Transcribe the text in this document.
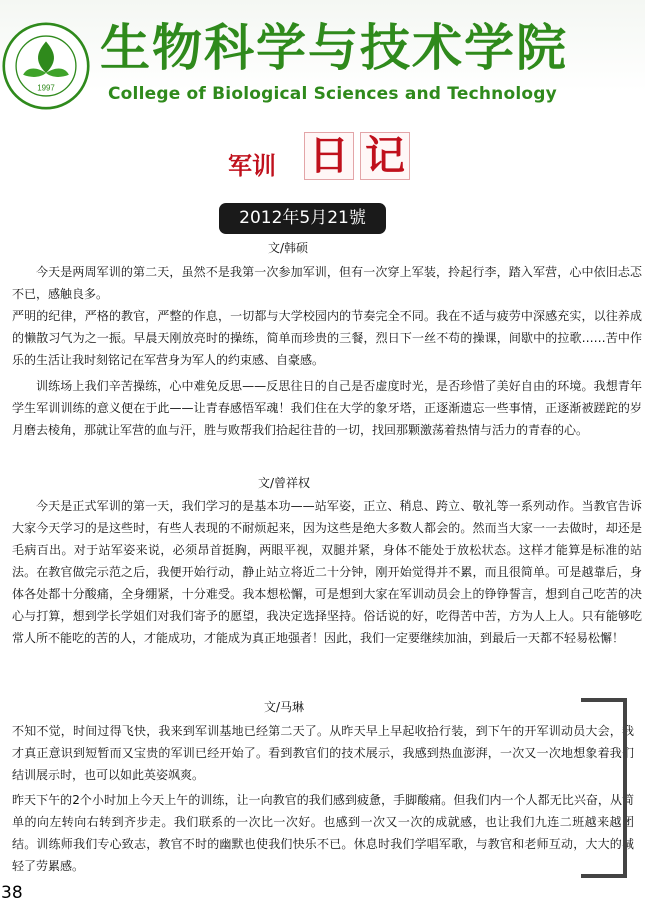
1997
生物科学与技术学院
College of Biological Sciences and Technology
军训 日 记
2012年5月21號
文/韩硕

今天是两周军训的第二天，虽然不是我第一次参加军训，但有一次穿上军装，拎起行李，踏入军营，心中依旧忐忑不已，感触良多。

严明的纪律，严格的教官，严整的作息，一切都与大学校园内的节奏完全不同。我在不适与疲劳中深感充实，以往养成的懒散习气为之一振。早晨天刚放亮时的操练，简单而珍贵的三餐，烈日下一丝不苟的操课，间歇中的拉歌……苦中作乐的生活让我时刻铭记在军营身为军人的约束感、自豪感。

训练场上我们辛苦操练，心中难免反思——反思往日的自己是否虚度时光，是否珍惜了美好自由的环境。我想青年学生军训训练的意义便在于此——让青春感悟军魂！我们住在大学的象牙塔，正逐渐遗忘一些事情，正逐渐被蹉跎的岁月磨去棱角，那就让军营的血与汗，胜与败帮我们拾起往昔的一切，找回那颗激荡着热情与活力的青春的心。

文/曾祥权

今天是正式军训的第一天，我们学习的是基本功——站军姿，正立、稍息、跨立、敬礼等一系列动作。当教官告诉大家今天学习的是这些时，有些人表现的不耐烦起来，因为这些是绝大多数人都会的。然而当大家一一去做时，却还是毛病百出。对于站军姿来说，必须昂首挺胸，两眼平视，双腿并紧，身体不能处于放松状态。这样才能算是标准的站法。在教官做完示范之后，我便开始行动，静止站立将近二十分钟，刚开始觉得并不累，而且很简单。可是越靠后，身体各处都十分酸痛，全身绷紧，十分难受。我本想松懈，可是想到大家在军训动员会上的铮铮誓言，想到自己吃苦的决心与打算，想到学长学姐们对我们寄予的愿望，我决定选择坚持。俗话说的好，吃得苦中苦，方为人上人。只有能够吃常人所不能吃的苦的人，才能成功，才能成为真正地强者！因此，我们一定要继续加油，到最后一天都不轻易松懈！

文/马琳

不知不觉，时间过得飞快，我来到军训基地已经第二天了。从昨天早上早起收拾行装，到下午的开军训动员大会，我才真正意识到短暂而又宝贵的军训已经开始了。看到教官们的技术展示，我感到热血澎湃，一次又一次地想象着我们结训展示时，也可以如此英姿飒爽。

昨天下午的2个小时加上今天上午的训练，让一向教官的我们感到疲惫，手脚酸痛。但我们内一个人都无比兴奋，从简单的向左转向右转到齐步走。我们联系的一次比一次好。也感到一次又一次的成就感，也让我们九连二班越来越团结。训练师我们专心致志，教官不时的幽默也使我们快乐不已。休息时我们学唱军歌，与教官和老师互动，大大的减轻了劳累感。

38
